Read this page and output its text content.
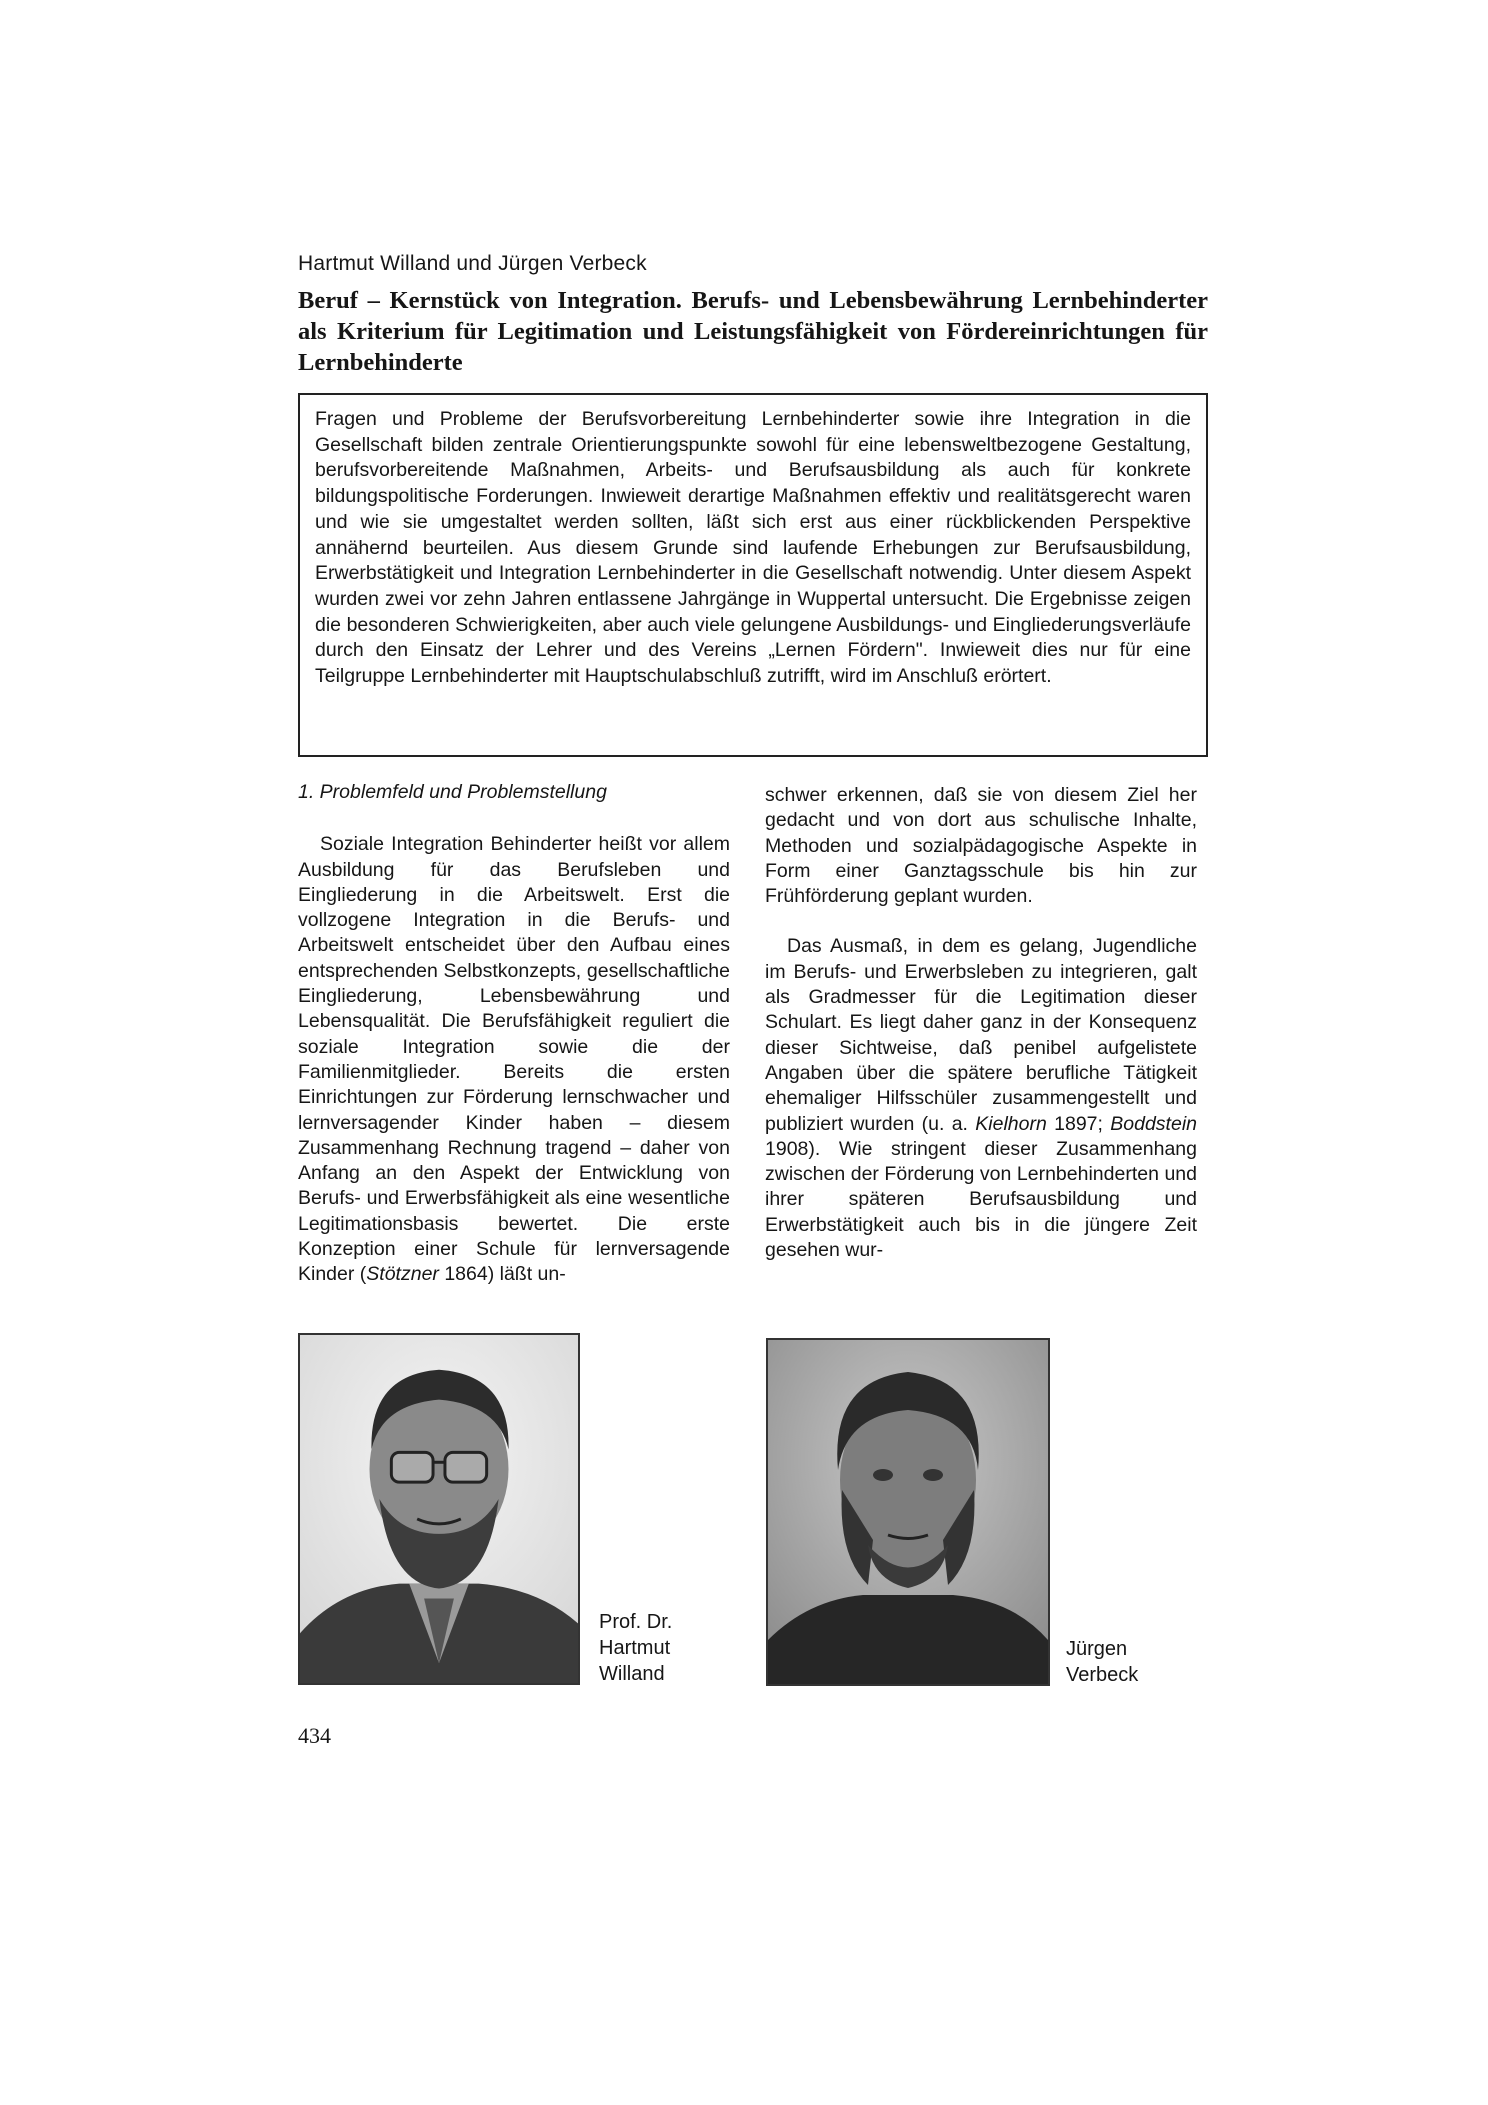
Hartmut Willand und Jürgen Verbeck
Beruf – Kernstück von Integration. Berufs- und Lebensbewährung Lernbehinderter als Kriterium für Legitimation und Leistungsfähigkeit von Fördereinrichtungen für Lernbehinderte
Fragen und Probleme der Berufsvorbereitung Lernbehinderter sowie ihre Integration in die Gesellschaft bilden zentrale Orientierungspunkte sowohl für eine lebensweltbezogene Gestaltung, berufsvorbereitende Maßnahmen, Arbeits- und Berufsausbildung als auch für konkrete bildungspolitische Forderungen. Inwieweit derartige Maßnahmen effektiv und realitätsgerecht waren und wie sie umgestaltet werden sollten, läßt sich erst aus einer rückblickenden Perspektive annähernd beurteilen. Aus diesem Grunde sind laufende Erhebungen zur Berufsausbildung, Erwerbstätigkeit und Integration Lernbehinderter in die Gesellschaft notwendig. Unter diesem Aspekt wurden zwei vor zehn Jahren entlassene Jahrgänge in Wuppertal untersucht. Die Ergebnisse zeigen die besonderen Schwierigkeiten, aber auch viele gelungene Ausbildungs- und Eingliederungsverläufe durch den Einsatz der Lehrer und des Vereins „Lernen Fördern". Inwieweit dies nur für eine Teilgruppe Lernbehinderter mit Hauptschulabschluß zutrifft, wird im Anschluß erörtert.

1. Problemfeld und Problemstellung

Soziale Integration Behinderter heißt vor allem Ausbildung für das Berufsleben und Eingliederung in die Arbeitswelt. Erst die vollzogene Integration in die Berufs- und Arbeitswelt entscheidet über den Aufbau eines entsprechenden Selbstkonzepts, gesellschaftliche Eingliederung, Lebensbewährung und Lebensqualität. Die Berufsfähigkeit reguliert die soziale Integration sowie die der Familienmitglieder. Bereits die ersten Einrichtungen zur Förderung lernschwacher und lernversagender Kinder haben – diesem Zusammenhang Rechnung tragend – daher von Anfang an den Aspekt der Entwicklung von Berufs- und Erwerbsfähigkeit als eine wesentliche Legitimationsbasis bewertet. Die erste Konzeption einer Schule für lernversagende Kinder (Stötzner 1864) läßt un-

schwer erkennen, daß sie von diesem Ziel her gedacht und von dort aus schulische Inhalte, Methoden und sozialpädagogische Aspekte in Form einer Ganztagsschule bis hin zur Frühförderung geplant wurden.

Das Ausmaß, in dem es gelang, Jugendliche im Berufs- und Erwerbsleben zu integrieren, galt als Gradmesser für die Legitimation dieser Schulart. Es liegt daher ganz in der Konsequenz dieser Sichtweise, daß penibel aufgelistete Angaben über die spätere berufliche Tätigkeit ehemaliger Hilfsschüler zusammengestellt und publiziert wurden (u. a. Kielhorn 1897; Boddstein 1908). Wie stringent dieser Zusammenhang zwischen der Förderung von Lernbehinderten und ihrer späteren Berufsausbildung und Erwerbstätigkeit auch bis in die jüngere Zeit gesehen wur-

Prof. Dr.
Hartmut
Willand
Jürgen
Verbeck
434
